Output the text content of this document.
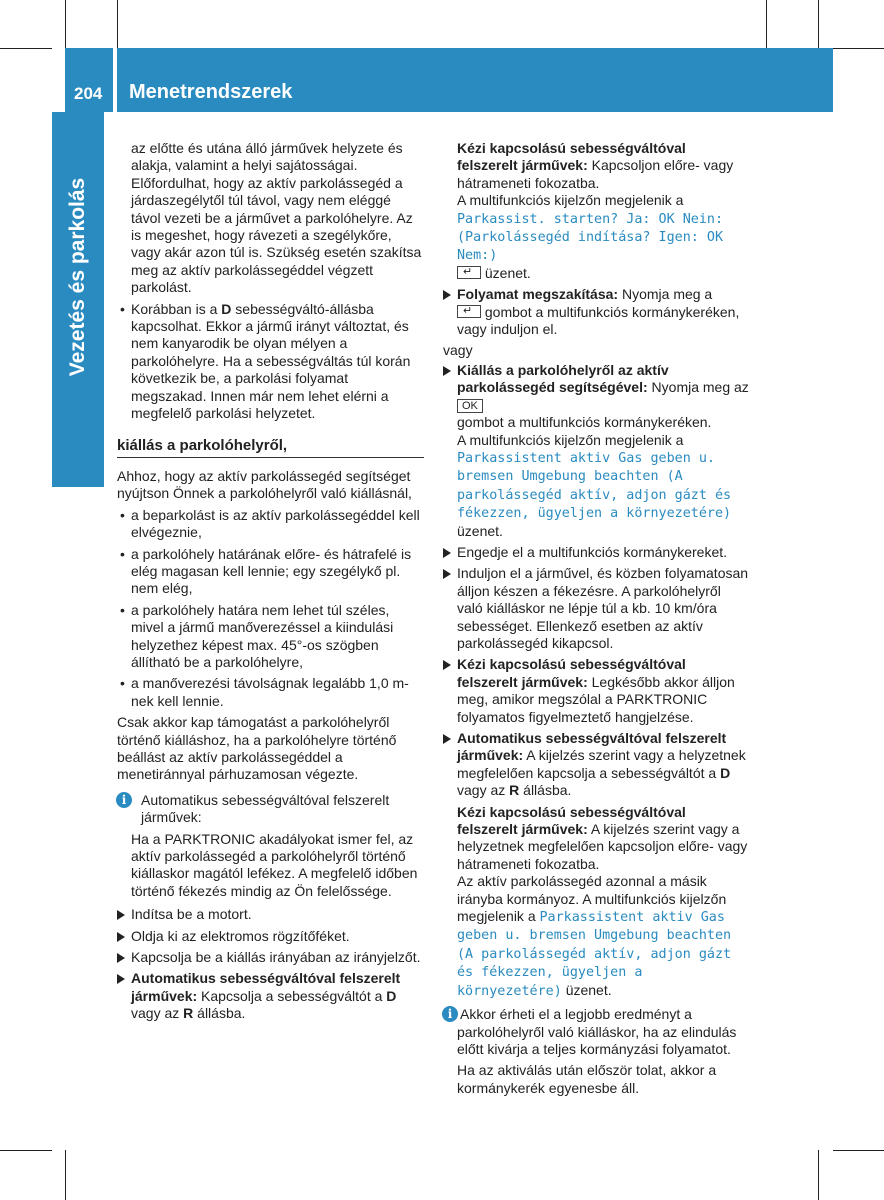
204 Menetrendszerek
Vezetés és parkolás

az előtte és utána álló járművek helyzete és alakja, valamint a helyi sajátosságai. Előfordulhat, hogy az aktív parkolássegéd a járdaszegélytől túl távol, vagy nem eléggé távol vezeti be a járművet a parkolóhelyre. Az is megeshet, hogy rávezeti a szegélykőre, vagy akár azon túl is. Szükség esetén szakítsa meg az aktív parkolássegéddel végzett parkolást.

• Korábban is a D sebességváltó-állásba kapcsolhat. Ekkor a jármű irányt változtat, és nem kanyarodik be olyan mélyen a parkolóhelyre. Ha a sebességváltás túl korán következik be, a parkolási folyamat megszakad. Innen már nem lehet elérni a megfelelő parkolási helyzetet.

kiállás a parkolóhelyről,

Ahhoz, hogy az aktív parkolássegéd segítséget nyújtson Önnek a parkolóhelyről való kiállásnál,

• a beparkolást is az aktív parkolássegéddel kell elvégeznie,

• a parkolóhely határának előre- és hátrafelé is elég magasan kell lennie; egy szegélykő pl. nem elég,

• a parkolóhely határa nem lehet túl széles, mivel a jármű manőverezéssel a kiindulási helyzethez képest max. 45°-os szögben állítható be a parkolóhelyre,

• a manőverezési távolságnak legalább 1,0 m-nek kell lennie.

Csak akkor kap támogatást a parkolóhelyről történő kiálláshoz, ha a parkolóhelyre történő beállást az aktív parkolássegéddel a menetiránnyal párhuzamosan végezte.

i	Automatikus sebességváltóval felszerelt járművek:

Ha a PARKTRONIC akadályokat ismer fel, az aktív parkolássegéd a parkolóhelyről történő kiállaskor magától lefékez. A megfelelő időben történő fékezés mindig az Ön felelőssége.

Indítsa be a motort.

Oldja ki az elektromos rögzítőféket.

Kapcsolja be a kiállás irányában az irányjelzőt.

Automatikus sebességváltóval felszerelt járművek: Kapcsolja a sebességváltót a D vagy az R állásba.

Kézi kapcsolású sebességváltóval felszerelt járművek: Kapcsoljon előre- vagy hátrameneti fokozatba.

A multifunkciós kijelzőn megjelenik a Parkassist. starten? Ja: OK Nein: (Parkolássegéd indítása? Igen: OK Nem:)
↵ üzenet.

Folyamat megszakítása: Nyomja meg a
↵ gombot a multifunkciós kormánykeréken, vagy induljon el.

vagy

Kiállás a parkolóhelyről az aktív parkolássegéd segítségével: Nyomja meg az OK
gombot a multifunkciós kormánykeréken.

A multifunkciós kijelzőn megjelenik a Parkassistent aktiv Gas geben u. bremsen Umgebung beachten (A parkolássegéd aktív, adjon gázt és fékezzen, ügyeljen a környezetére) üzenet.

Engedje el a multifunkciós kormánykereket.

Induljon el a járművel, és közben folyamatosan álljon készen a fékezésre. A parkolóhelyről való kiálláskor ne lépje túl a kb. 10 km/óra sebességet. Ellenkező esetben az aktív parkolássegéd kikapcsol.

Kézi kapcsolású sebességváltóval felszerelt járművek: Legkésőbb akkor álljon meg, amikor megszólal a PARKTRONIC folyamatos figyelmeztető hangjelzése.

Automatikus sebességváltóval felszerelt járművek: A kijelzés szerint vagy a helyzetnek megfelelően kapcsolja a sebességváltót a D vagy az R állásba.

Kézi kapcsolású sebességváltóval felszerelt járművek: A kijelzés szerint vagy a helyzetnek megfelelően kapcsoljon előre- vagy hátrameneti fokozatba.

Az aktív parkolássegéd azonnal a másik irányba kormányoz. A multifunkciós kijelzőn megjelenik a Parkassistent aktiv Gas geben u. bremsen Umgebung beachten (A parkolássegéd aktív, adjon gázt és fékezzen, ügyeljen a környezetére) üzenet.

i Akkor érheti el a legjobb eredményt a parkolóhelyről való kiálláskor, ha az elindulás előtt kivárja a teljes kormányzási folyamatot.

Ha az aktiválás után először tolat, akkor a kormánykerék egyenesbe áll.
